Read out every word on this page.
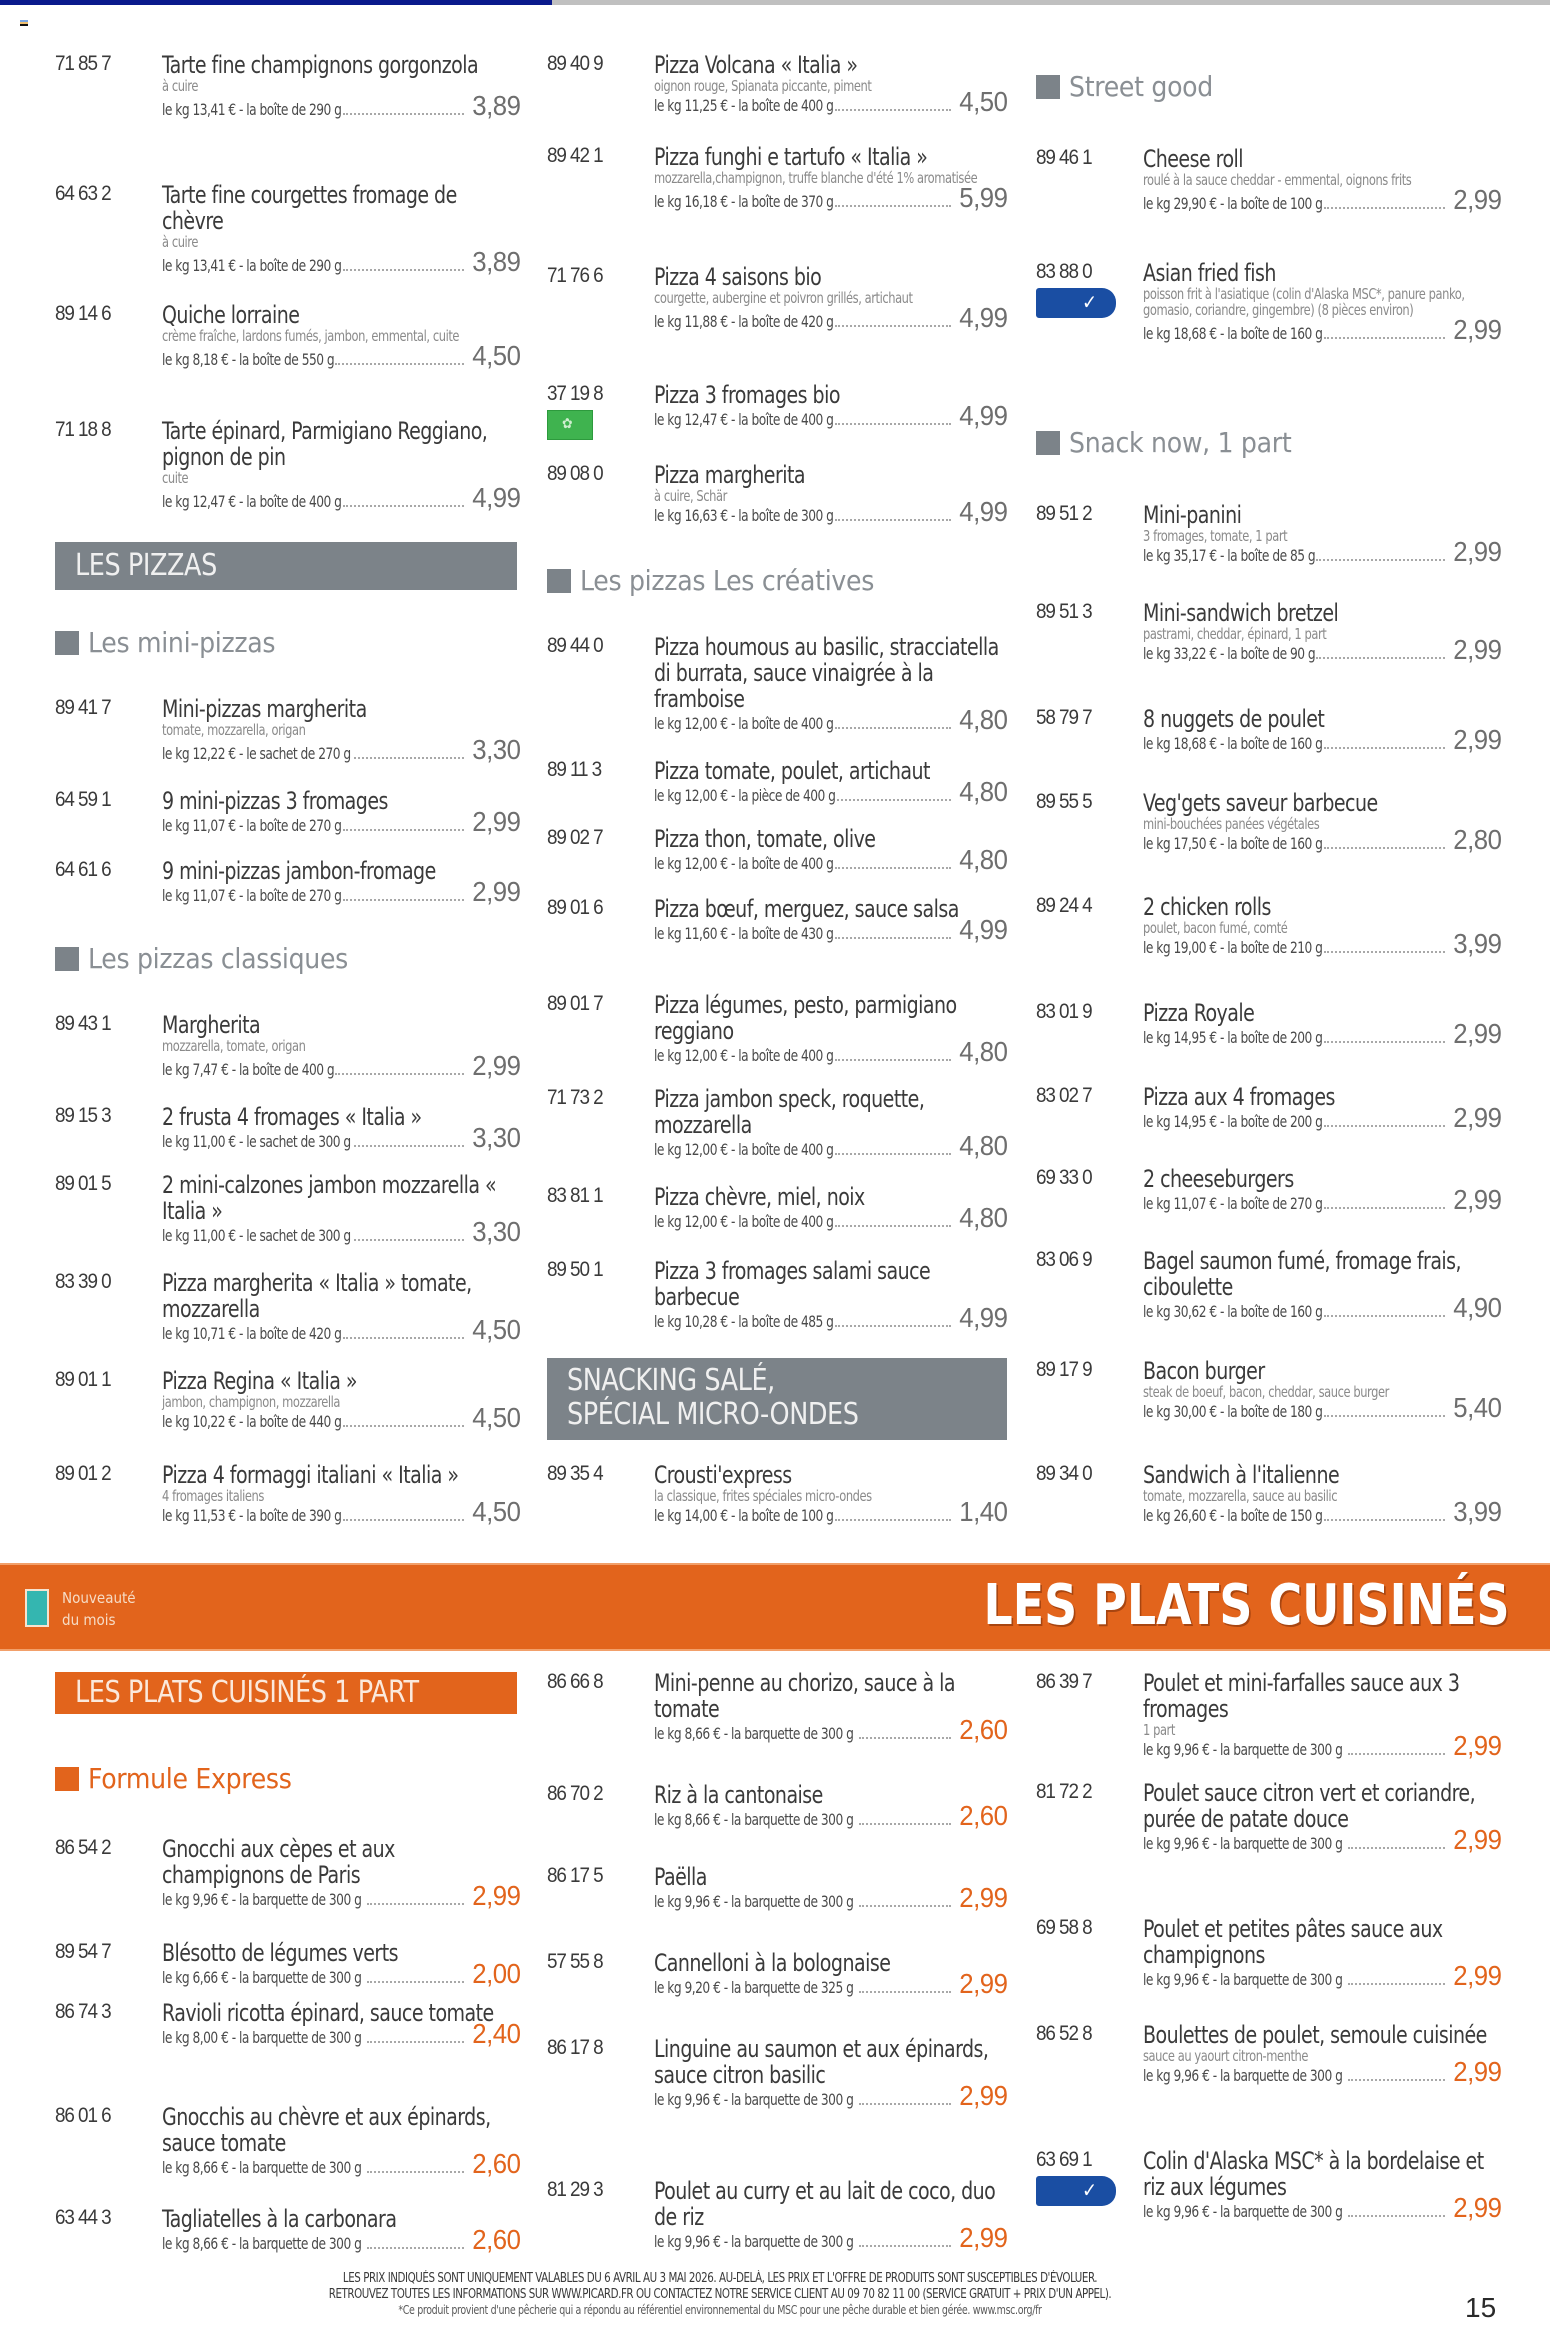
71 85 7 Tarte fine champignons gorgonzola
à cuire
le kg 13,41 € - la boîte de 290 g	3,89
64 63 2 Tarte fine courgettes fromage de chèvre
à cuire
le kg 13,41 € - la boîte de 290 g	3,89
89 14 6 Quiche lorraine
crème fraîche, lardons fumés, jambon, emmental, cuite
le kg 8,18 € - la boîte de 550 g	4,50
71 18 8 Tarte épinard, Parmigiano Reggiano, pignon de pin
cuite
le kg 12,47 € - la boîte de 400 g	4,99
LES PIZZAS
Les mini-pizzas
89 41 7 Mini-pizzas margherita
tomate, mozzarella, origan
le kg 12,22 € - le sachet de 270 g	3,30
64 59 1 9 mini-pizzas 3 fromages
le kg 11,07 € - la boîte de 270 g	2,99
64 61 6 9 mini-pizzas jambon-fromage
le kg 11,07 € - la boîte de 270 g	2,99
Les pizzas classiques
89 43 1 Margherita
mozzarella, tomate, origan
le kg 7,47 € - la boîte de 400 g	2,99
89 15 3 2 frusta 4 fromages « Italia »
le kg 11,00 € - le sachet de 300 g	3,30
89 01 5 2 mini-calzones jambon mozzarella « Italia »
le kg 11,00 € - le sachet de 300 g	3,30
83 39 0 Pizza margherita « Italia » tomate, mozzarella
le kg 10,71 € - la boîte de 420 g	4,50
89 01 1 Pizza Regina « Italia »
jambon, champignon, mozzarella
le kg 10,22 € - la boîte de 440 g	4,50
89 01 2 Pizza 4 formaggi italiani « Italia »
4 fromages italiens
le kg 11,53 € - la boîte de 390 g	4,50
89 40 9 Pizza Volcana « Italia »
oignon rouge, Spianata piccante, piment
le kg 11,25 € - la boîte de 400 g	4,50
89 42 1 Pizza funghi e tartufo « Italia »
mozzarella,champignon, truffe blanche d'été 1% aromatisée
le kg 16,18 € - la boîte de 370 g	5,99
71 76 6 Pizza 4 saisons bio
courgette, aubergine et poivron grillés, artichaut
le kg 11,88 € - la boîte de 420 g	4,99
37 19 8
✿ Pizza 3 fromages bio
le kg 12,47 € - la boîte de 400 g	4,99
89 08 0 Pizza margherita
à cuire, Schär
le kg 16,63 € - la boîte de 300 g	4,99
Les pizzas Les créatives
89 44 0 Pizza houmous au basilic, stracciatella di burrata, sauce vinaigrée à la framboise
le kg 12,00 € - la boîte de 400 g	4,80
89 11 3 Pizza tomate, poulet, artichaut
le kg 12,00 € - la pièce de 400 g	4,80
89 02 7 Pizza thon, tomate, olive
le kg 12,00 € - la boîte de 400 g	4,80
89 01 6 Pizza bœuf, merguez, sauce salsa
le kg 11,60 € - la boîte de 430 g	4,99
89 01 7 Pizza légumes, pesto, parmigiano reggiano
le kg 12,00 € - la boîte de 400 g	4,80
71 73 2 Pizza jambon speck, roquette, mozzarella
le kg 12,00 € - la boîte de 400 g	4,80
83 81 1 Pizza chèvre, miel, noix
le kg 12,00 € - la boîte de 400 g	4,80
89 50 1 Pizza 3 fromages salami sauce barbecue
le kg 10,28 € - la boîte de 485 g	4,99
SNACKING SALÉ,
SPÉCIAL MICRO-ONDES
89 35 4 Crousti'express
la classique, frites spéciales micro-ondes
le kg 14,00 € - la boîte de 100 g	1,40
Street good
89 46 1 Cheese roll
roulé à la sauce cheddar - emmental, oignons frits
le kg 29,90 € - la boîte de 100 g	2,99
83 88 0
✓ Asian fried fish
poisson frit à l'asiatique (colin d'Alaska MSC*, panure panko, gomasio, coriandre, gingembre) (8 pièces environ)
le kg 18,68 € - la boîte de 160 g	2,99
Snack now, 1 part
89 51 2 Mini-panini
3 fromages, tomate, 1 part
le kg 35,17 € - la boîte de 85 g	2,99
89 51 3 Mini-sandwich bretzel
pastrami, cheddar, épinard, 1 part
le kg 33,22 € - la boîte de 90 g	2,99
58 79 7 8 nuggets de poulet
le kg 18,68 € - la boîte de 160 g	2,99
89 55 5 Veg'gets saveur barbecue
mini-bouchées panées végétales
le kg 17,50 € - la boîte de 160 g	2,80
89 24 4 2 chicken rolls
poulet, bacon fumé, comté
le kg 19,00 € - la boîte de 210 g	3,99
83 01 9 Pizza Royale
le kg 14,95 € - la boîte de 200 g	2,99
83 02 7 Pizza aux 4 fromages
le kg 14,95 € - la boîte de 200 g	2,99
69 33 0 2 cheeseburgers
le kg 11,07 € - la boîte de 270 g	2,99
83 06 9 Bagel saumon fumé, fromage frais, ciboulette
le kg 30,62 € - la boîte de 160 g	4,90
89 17 9 Bacon burger
steak de boeuf, bacon, cheddar, sauce burger
le kg 30,00 € - la boîte de 180 g	5,40
89 34 0 Sandwich à l'italienne
tomate, mozzarella, sauce au basilic
le kg 26,60 € - la boîte de 150 g	3,99
Nouveauté
du mois	LES PLATS CUISINÉS
LES PLATS CUISINÉS 1 PART
Formule Express
86 54 2 Gnocchi aux cèpes et aux champignons de Paris
le kg 9,96 € - la barquette de 300 g	2,99
89 54 7 Blésotto de légumes verts
le kg 6,66 € - la barquette de 300 g	2,00
86 74 3 Ravioli ricotta épinard, sauce tomate
le kg 8,00 € - la barquette de 300 g	2,40
86 01 6 Gnocchis au chèvre et aux épinards, sauce tomate
le kg 8,66 € - la barquette de 300 g	2,60
63 44 3 Tagliatelles à la carbonara
le kg 8,66 € - la barquette de 300 g	2,60
86 66 8 Mini-penne au chorizo, sauce à la tomate
le kg 8,66 € - la barquette de 300 g	2,60
86 70 2 Riz à la cantonaise
le kg 8,66 € - la barquette de 300 g	2,60
86 17 5 Paëlla
le kg 9,96 € - la barquette de 300 g	2,99
57 55 8 Cannelloni à la bolognaise
le kg 9,20 € - la barquette de 325 g	2,99
86 17 8 Linguine au saumon et aux épinards, sauce citron basilic
le kg 9,96 € - la barquette de 300 g	2,99
81 29 3 Poulet au curry et au lait de coco, duo de riz
le kg 9,96 € - la barquette de 300 g	2,99
86 39 7 Poulet et mini-farfalles sauce aux 3 fromages
1 part
le kg 9,96 € - la barquette de 300 g	2,99
81 72 2 Poulet sauce citron vert et coriandre, purée de patate douce
le kg 9,96 € - la barquette de 300 g	2,99
69 58 8 Poulet et petites pâtes sauce aux champignons
le kg 9,96 € - la barquette de 300 g	2,99
86 52 8 Boulettes de poulet, semoule cuisinée
sauce au yaourt citron-menthe
le kg 9,96 € - la barquette de 300 g	2,99
63 69 1
✓ Colin d'Alaska MSC* à la bordelaise et riz aux légumes
le kg 9,96 € - la barquette de 300 g	2,99
LES PRIX INDIQUÉS SONT UNIQUEMENT VALABLES DU 6 AVRIL AU 3 MAI 2026. AU-DELÀ, LES PRIX ET L'OFFRE DE PRODUITS SONT SUSCEPTIBLES D'ÉVOLUER.
RETROUVEZ TOUTES LES INFORMATIONS SUR WWW.PICARD.FR OU CONTACTEZ NOTRE SERVICE CLIENT AU 09 70 82 11 00 (SERVICE GRATUIT + PRIX D'UN APPEL).
*Ce produit provient d'une pêcherie qui a répondu au référentiel environnemental du MSC pour une pêche durable et bien gérée. www.msc.org/fr	15
